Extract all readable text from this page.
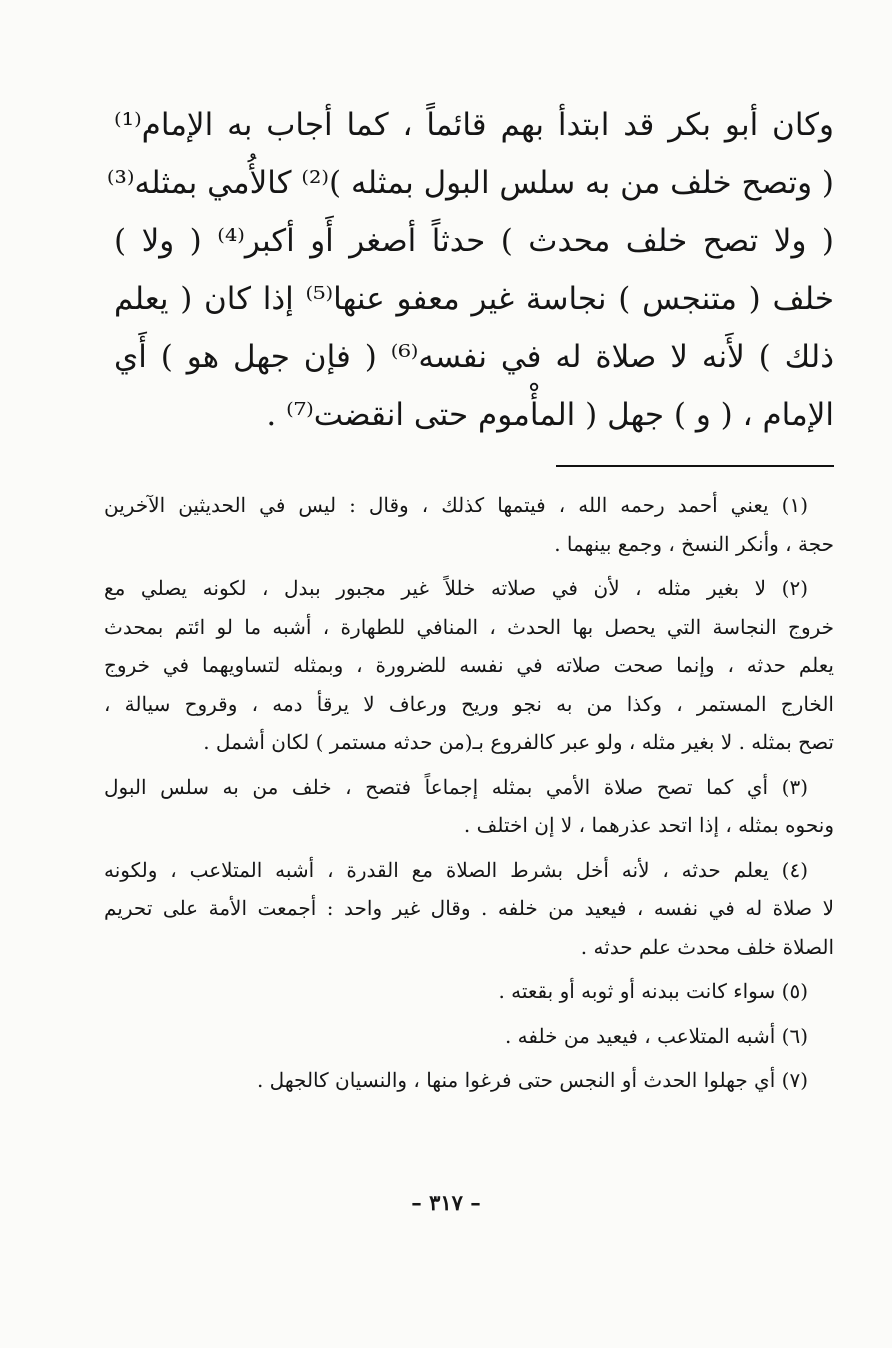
وكان أبو بكر قد ابتدأ بهم قائماً ، كما أجاب به الإمام⁽¹⁾
( وتصح خلف من به سلس البول بمثله )⁽²⁾ كالأُمي بمثله⁽³⁾
( ولا تصح خلف محدث ) حدثاً أصغر أَو أكبر⁽⁴⁾ ( ولا )
خلف ( متنجس ) نجاسة غير معفو عنها⁽⁵⁾ إذا كان ( يعلم
ذلك ) لأَنه لا صلاة له في نفسه⁽⁶⁾ ( فإن جهل هو ) أَي
الإمام ، ( و ) جهل ( المأْموم حتى انقضت⁽⁷⁾ .
(١) يعني أحمد رحمه الله ، فيتمها كذلك ، وقال : ليس في الحديثين الآخرين
حجة ، وأنكر النسخ ، وجمع بينهما .
(٢) لا بغير مثله ، لأن في صلاته خللاً غير مجبور ببدل ، لكونه يصلي مع
خروج النجاسة التي يحصل بها الحدث ، المنافي للطهارة ، أشبه ما لو ائتم بمحدث
يعلم حدثه ، وإنما صحت صلاته في نفسه للضرورة ، وبمثله لتساويهما في خروج
الخارج المستمر ، وكذا من به نجو وريح ورعاف لا يرقأ دمه ، وقروح سيالة ،
تصح بمثله . لا بغير مثله ، ولو عبر كالفروع بـ(من حدثه مستمر ) لكان أشمل .
(٣) أي كما تصح صلاة الأمي بمثله إجماعاً فتصح ، خلف من به سلس البول
ونحوه بمثله ، إذا اتحد عذرهما ، لا إن اختلف .
(٤) يعلم حدثه ، لأنه أخل بشرط الصلاة مع القدرة ، أشبه المتلاعب ، ولكونه
لا صلاة له في نفسه ، فيعيد من خلفه . وقال غير واحد : أجمعت الأمة على تحريم
الصلاة خلف محدث علم حدثه .
(٥) سواء كانت ببدنه أو ثوبه أو بقعته .
(٦) أشبه المتلاعب ، فيعيد من خلفه .
(٧) أي جهلوا الحدث أو النجس حتى فرغوا منها ، والنسيان كالجهل .
– ٣١٧ –
